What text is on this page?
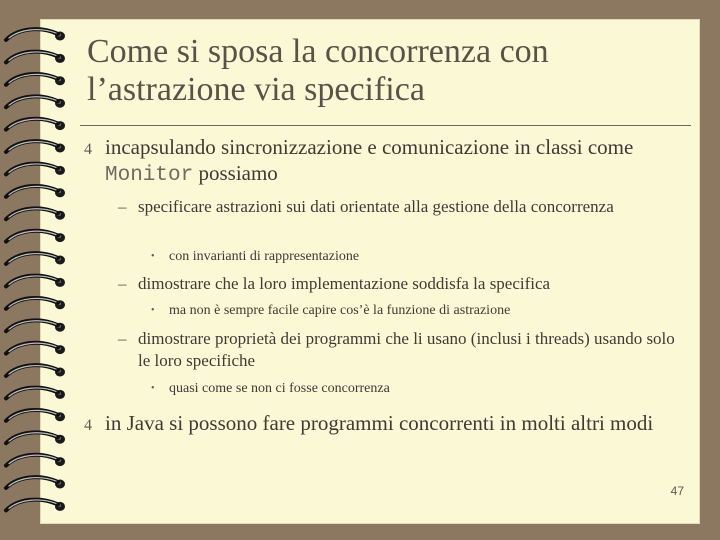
Come si sposa la concorrenza con
l’astrazione via specifica
4 incapsulando sincronizzazione e comunicazione in classi come Monitor possiamo
– specificare astrazioni sui dati orientate alla gestione della concorrenza
• con invarianti di rappresentazione
– dimostrare che la loro implementazione soddisfa la specifica
• ma non è sempre facile capire cos’è la funzione di astrazione
– dimostrare proprietà dei programmi che li usano (inclusi i threads) usando solo le loro specifiche
• quasi come se non ci fosse concorrenza
4 in Java si possono fare programmi concorrenti in molti altri modi
47
